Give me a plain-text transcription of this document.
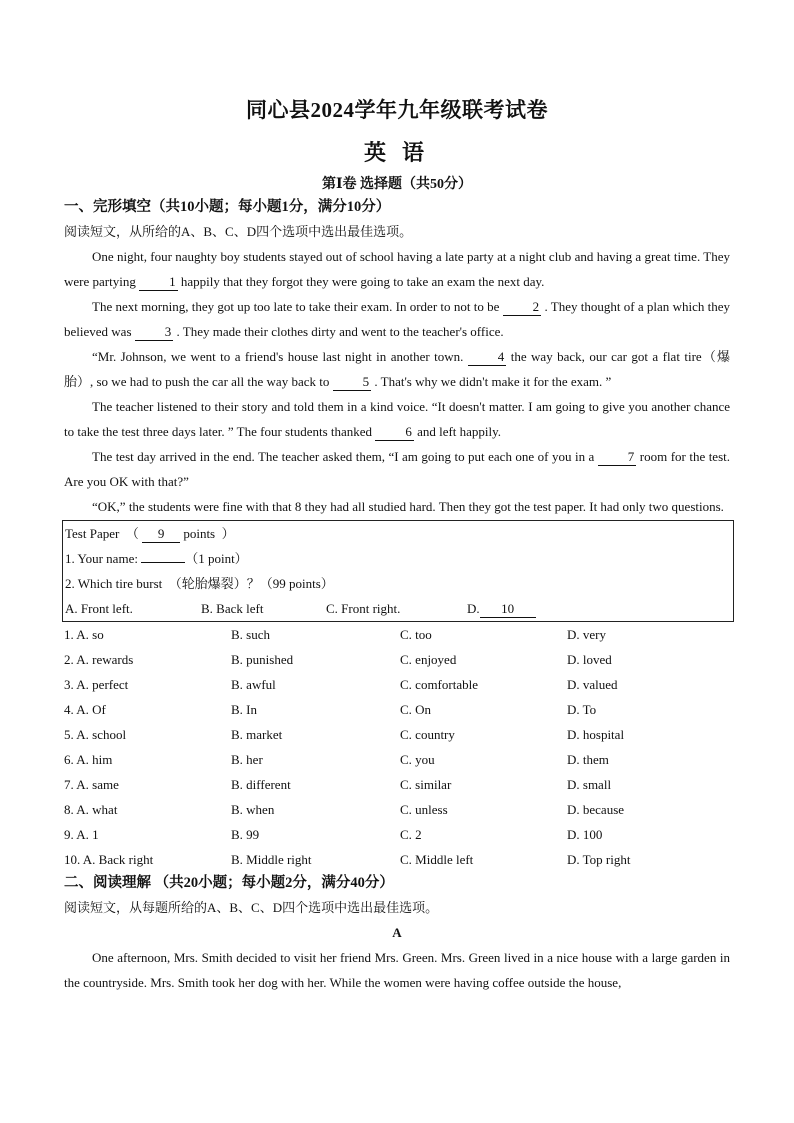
同心县2024学年九年级联考试卷
英语
第Ⅰ卷 选择题（共50分）
一、完形填空（共10小题；每小题1分，满分10分）
阅读短文，从所给的A、B、C、D四个选项中选出最佳选项。
One night, four naughty boy students stayed out of school having a late party at a night club and having a great time. They were partying	1 happily that they forgot they were going to take an exam the next day.
The next morning, they got up too late to take their exam. In order to not to be	2 . They thought of a plan which they believed was	3 . They made their clothes dirty and went to the teacher's office.
“Mr. Johnson, we went to a friend's house last night in another town.	4 the way back, our car got a flat tire（爆胎）, so we had to push the car all the way back to	5 . That's why we didn't make it for the exam. ”
The teacher listened to their story and told them in a kind voice. “It doesn't matter. I am going to give you another chance to take the test three days later. ” The four students thanked	6 and left happily.
The test day arrived in the end. The teacher asked them, “I am going to put each one of you in a	7 room for the test. Are you OK with that?”
“OK,” the students were fine with that 8 they had all studied hard. Then they got the test paper. It had only two questions.
Test Paper  （ 9 points  ）
1. Your name:	（1 point）
2. Which tire burst  （轮胎爆裂）？（99 points）
A. Front left.	B. Back left	C. Front right.	D. 10
1. A. so	B. such	C. too	D. very
2. A. rewards	B. punished	C. enjoyed	D. loved
3. A. perfect	B. awful	C. comfortable	D. valued
4. A. Of	B. In	C. On	D. To
5. A. school	B. market	C. country	D. hospital
6. A. him	B. her	C. you	D. them
7. A. same	B. different	C. similar	D. small
8. A. what	B. when	C. unless	D. because
9. A. 1	B. 99	C. 2	D. 100
10. A. Back right	B. Middle right	C. Middle left	D. Top right
二、阅读理解 （共20小题；每小题2分，满分40分）
阅读短文，从每题所给的A、B、C、D四个选项中选出最佳选项。
A
One afternoon, Mrs. Smith decided to visit her friend Mrs. Green. Mrs. Green lived in a nice house with a large garden in the countryside. Mrs. Smith took her dog with her. While the women were having coffee outside the house,
